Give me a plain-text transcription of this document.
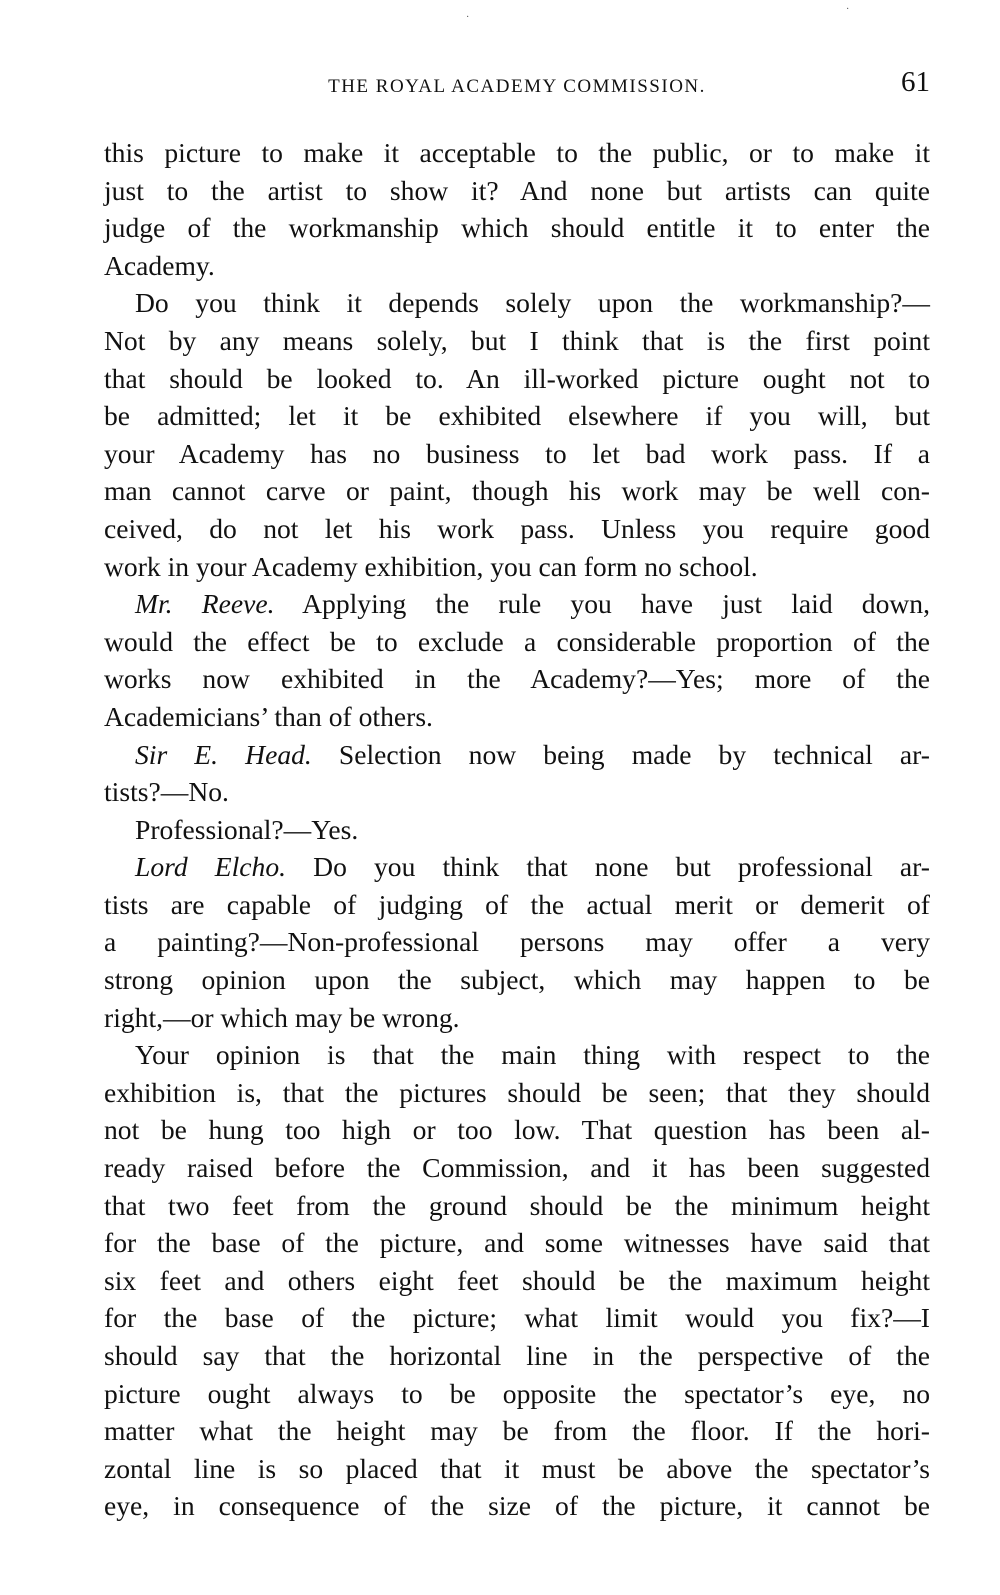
·
·
THE ROYAL ACADEMY COMMISSION.	61
this picture to make it acceptable to the public, or to make it
just to the artist to show it? And none but artists can quite
judge of the workmanship which should entitle it to enter the
Academy.
Do you think it depends solely upon the workmanship?—
Not by any means solely, but I think that is the first point
that should be looked to. An ill-worked picture ought not to
be admitted; let it be exhibited elsewhere if you will, but
your Academy has no business to let bad work pass. If a
man cannot carve or paint, though his work may be well con-
ceived, do not let his work pass. Unless you require good
work in your Academy exhibition, you can form no school.
Mr. Reeve. Applying the rule you have just laid down,
would the effect be to exclude a considerable proportion of the
works now exhibited in the Academy?—Yes; more of the
Academicians’ than of others.
Sir E. Head. Selection now being made by technical ar-
tists?—No.
Professional?—Yes.
Lord Elcho. Do you think that none but professional ar-
tists are capable of judging of the actual merit or demerit of
a painting?—Non-professional persons may offer a very
strong opinion upon the subject, which may happen to be
right,—or which may be wrong.
Your opinion is that the main thing with respect to the
exhibition is, that the pictures should be seen; that they should
not be hung too high or too low. That question has been al-
ready raised before the Commission, and it has been suggested
that two feet from the ground should be the minimum height
for the base of the picture, and some witnesses have said that
six feet and others eight feet should be the maximum height
for the base of the picture; what limit would you fix?—I
should say that the horizontal line in the perspective of the
picture ought always to be opposite the spectator’s eye, no
matter what the height may be from the floor. If the hori-
zontal line is so placed that it must be above the spectator’s
eye, in consequence of the size of the picture, it cannot be
